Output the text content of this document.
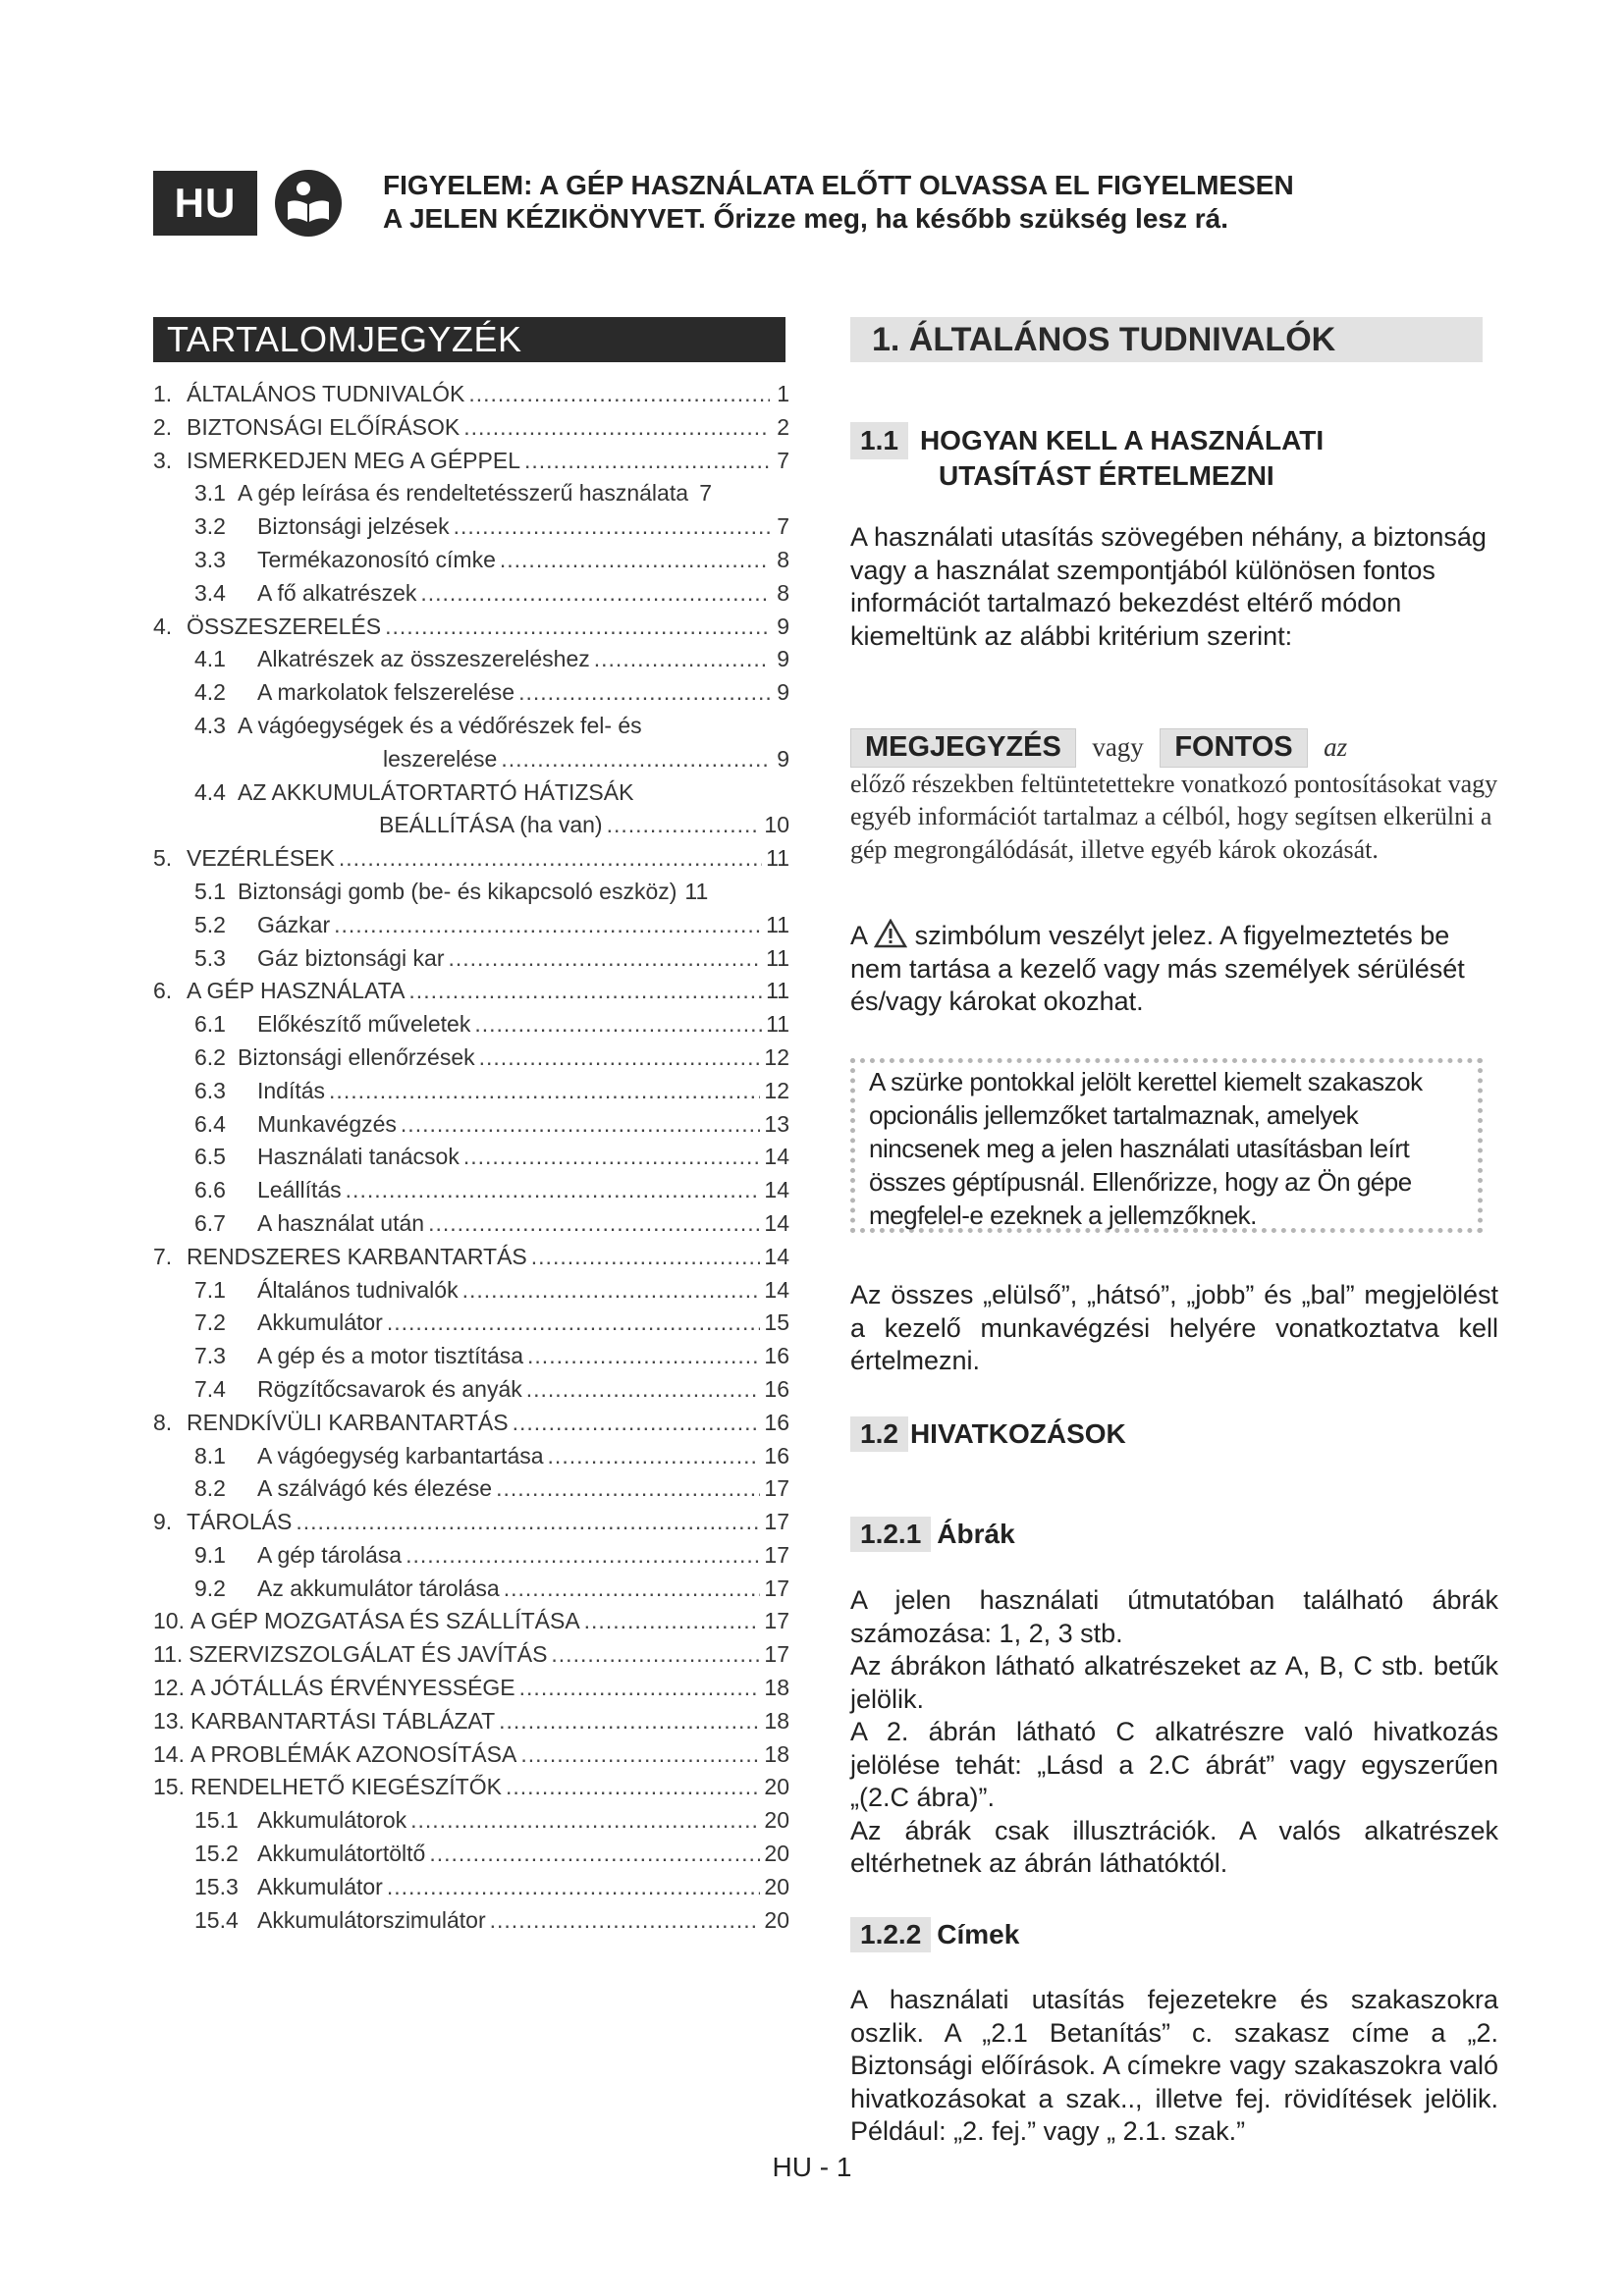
HU	FIGYELEM: A GÉP HASZNÁLATA ELŐTT OLVASSA EL FIGYELMESEN
A JELEN KÉZIKÖNYVET. Őrizze meg, ha később szükség lesz rá.
TARTALOMJEGYZÉK
1. ÁLTALÁNOS TUDNIVALÓK .....	1
2. BIZTONSÁGI ELŐÍRÁSOK .....	2
3. ISMERKEDJEN MEG A GÉPPEL .....	7
3.1 A gép leírása és rendeltetésszerű használata 7
3.2	Biztonsági jelzések .....	7
3.3	Termékazonosító címke .....	8
3.4	A fő alkatrészek .....	8
4. ÖSSZESZERELÉS .....	9
4.1	Alkatrészek az összeszereléshez .....	9
4.2	A markolatok felszerelése .....	9
4.3 A vágóegységek és a védőrészek fel- és
leszerelése .....	9
4.4 AZ AKKUMULÁTORTARTÓ HÁTIZSÁK
BEÁLLÍTÁSA (ha van) .....	10
5. VEZÉRLÉSEK .....	11
5.1 Biztonsági gomb (be- és kikapcsoló eszköz) 11
5.2	Gázkar .....	11
5.3	Gáz biztonsági kar .....	11
6. A GÉP HASZNÁLATA .....	11
6.1	Előkészítő műveletek .....	11
6.2 Biztonsági ellenőrzések .....	12
6.3	Indítás .....	12
6.4	Munkavégzés .....	13
6.5	Használati tanácsok .....	14
6.6	Leállítás .....	14
6.7	A használat után .....	14
7. RENDSZERES KARBANTARTÁS .....	14
7.1	Általános tudnivalók .....	14
7.2	Akkumulátor .....	15
7.3	A gép és a motor tisztítása .....	16
7.4	Rögzítőcsavarok és anyák .....	16
8. RENDKÍVÜLI KARBANTARTÁS .....	16
8.1	A vágóegység karbantartása .....	16
8.2	A szálvágó kés élezése .....	17
9. TÁROLÁS .....	17
9.1	A gép tárolása .....	17
9.2	Az akkumulátor tárolása .....	17
10. A GÉP MOZGATÁSA ÉS SZÁLLÍTÁSA .....	17
11. SZERVIZSZOLGÁLAT ÉS JAVÍTÁS .....	17
12. A JÓTÁLLÁS ÉRVÉNYESSÉGE .....	18
13. KARBANTARTÁSI TÁBLÁZAT .....	18
14. A PROBLÉMÁK AZONOSÍTÁSA .....	18
15. RENDELHETŐ KIEGÉSZÍTŐK .....	20
15.1 Akkumulátorok .....	20
15.2 Akkumulátortöltő .....	20
15.3 Akkumulátor .....	20
15.4 Akkumulátorszimulátor .....	20
1. ÁLTALÁNOS TUDNIVALÓK
1.1 HOGYAN KELL A HASZNÁLATI
UTASÍTÁST ÉRTELMEZNI
A használati utasítás szövegében néhány, a biztonság vagy a használat szempontjából különösen fontos információt tartalmazó bekezdést eltérő módon kiemeltünk az alábbi kritérium szerint:
MEGJEGYZÉS vagy FONTOS az
előző részekben feltüntetettekre vonatkozó pontosításokat vagy egyéb információt tartalmaz a célból, hogy segítsen elkerülni a gép megrongálódását, illetve egyéb károk okozását.
A szimbólum veszélyt jelez. A figyelmeztetés be nem tartása a kezelő vagy más személyek sérülését és/vagy károkat okozhat.
A szürke pontokkal jelölt kerettel kiemelt szakaszok opcionális jellemzőket tartalmaznak, amelyek nincsenek meg a jelen használati utasításban leírt összes géptípusnál. Ellenőrizze, hogy az Ön gépe megfelel-e ezeknek a jellemzőknek.
Az összes „elülső”, „hátsó”, „jobb” és „bal” megjelölést a kezelő munkavégzési helyére vonatkoztatva kell értelmezni.
1.2 HIVATKOZÁSOK
1.2.1 Ábrák
A jelen használati útmutatóban található ábrák számozása: 1, 2, 3 stb.
Az ábrákon látható alkatrészeket az A, B, C stb. betűk jelölik.
A 2. ábrán látható C alkatrészre való hivatkozás jelölése tehát: „Lásd a 2.C ábrát” vagy egyszerűen „(2.C ábra)”.
Az ábrák csak illusztrációk. A valós alkatrészek eltérhetnek az ábrán láthatóktól.
1.2.2 Címek
A használati utasítás fejezetekre és szakaszokra oszlik. A „2.1 Betanítás” c. szakasz címe a „2. Biztonsági előírások. A címekre vagy szakaszokra való hivatkozásokat a szak.., illetve fej. rövidítések jelölik. Például: „2. fej.” vagy „ 2.1. szak.”
HU - 1
